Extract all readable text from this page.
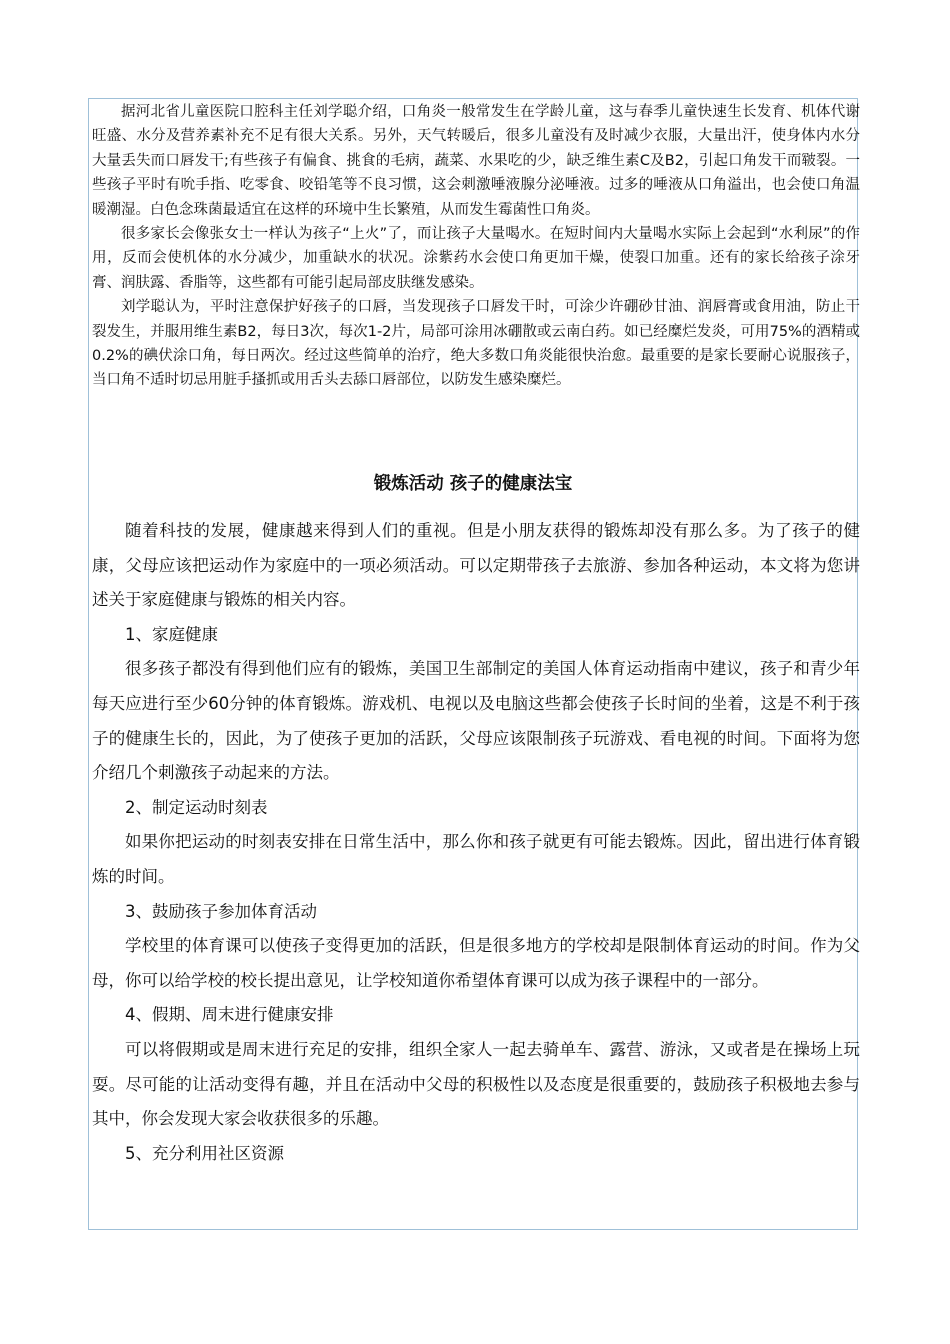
据河北省儿童医院口腔科主任刘学聪介绍，口角炎一般常发生在学龄儿童，这与春季儿童快速生长发育、机体代谢旺盛、水分及营养素补充不足有很大关系。另外，天气转暖后，很多儿童没有及时减少衣服，大量出汗，使身体内水分大量丢失而口唇发干;有些孩子有偏食、挑食的毛病，蔬菜、水果吃的少，缺乏维生素C及B2，引起口角发干而皲裂。一些孩子平时有吮手指、吃零食、咬铅笔等不良习惯，这会刺激唾液腺分泌唾液。过多的唾液从口角溢出，也会使口角温暖潮湿。白色念珠菌最适宜在这样的环境中生长繁殖，从而发生霉菌性口角炎。

很多家长会像张女士一样认为孩子“上火”了，而让孩子大量喝水。在短时间内大量喝水实际上会起到“水利尿”的作用，反而会使机体的水分减少，加重缺水的状况。涂紫药水会使口角更加干燥，使裂口加重。还有的家长给孩子涂牙膏、润肤露、香脂等，这些都有可能引起局部皮肤继发感染。

刘学聪认为，平时注意保护好孩子的口唇，当发现孩子口唇发干时，可涂少许硼砂甘油、润唇膏或食用油，防止干裂发生，并服用维生素B2，每日3次，每次1-2片，局部可涂用冰硼散或云南白药。如已经糜烂发炎，可用75%的酒精或0.2%的碘伏涂口角，每日两次。经过这些简单的治疗，绝大多数口角炎能很快治愈。最重要的是家长要耐心说服孩子，当口角不适时切忌用脏手搔抓或用舌头去舔口唇部位，以防发生感染糜烂。

锻炼活动 孩子的健康法宝

随着科技的发展，健康越来得到人们的重视。但是小朋友获得的锻炼却没有那么多。为了孩子的健康，父母应该把运动作为家庭中的一项必须活动。可以定期带孩子去旅游、参加各种运动，本文将为您讲述关于家庭健康与锻炼的相关内容。

1、家庭健康

很多孩子都没有得到他们应有的锻炼，美国卫生部制定的美国人体育运动指南中建议，孩子和青少年每天应进行至少60分钟的体育锻炼。游戏机、电视以及电脑这些都会使孩子长时间的坐着，这是不利于孩子的健康生长的，因此，为了使孩子更加的活跃，父母应该限制孩子玩游戏、看电视的时间。下面将为您介绍几个刺激孩子动起来的方法。

2、制定运动时刻表

如果你把运动的时刻表安排在日常生活中，那么你和孩子就更有可能去锻炼。因此，留出进行体育锻炼的时间。

3、鼓励孩子参加体育活动

学校里的体育课可以使孩子变得更加的活跃，但是很多地方的学校却是限制体育运动的时间。作为父母，你可以给学校的校长提出意见，让学校知道你希望体育课可以成为孩子课程中的一部分。

4、假期、周末进行健康安排

可以将假期或是周末进行充足的安排，组织全家人一起去骑单车、露营、游泳，又或者是在操场上玩耍。尽可能的让活动变得有趣，并且在活动中父母的积极性以及态度是很重要的，鼓励孩子积极地去参与其中，你会发现大家会收获很多的乐趣。

5、充分利用社区资源
